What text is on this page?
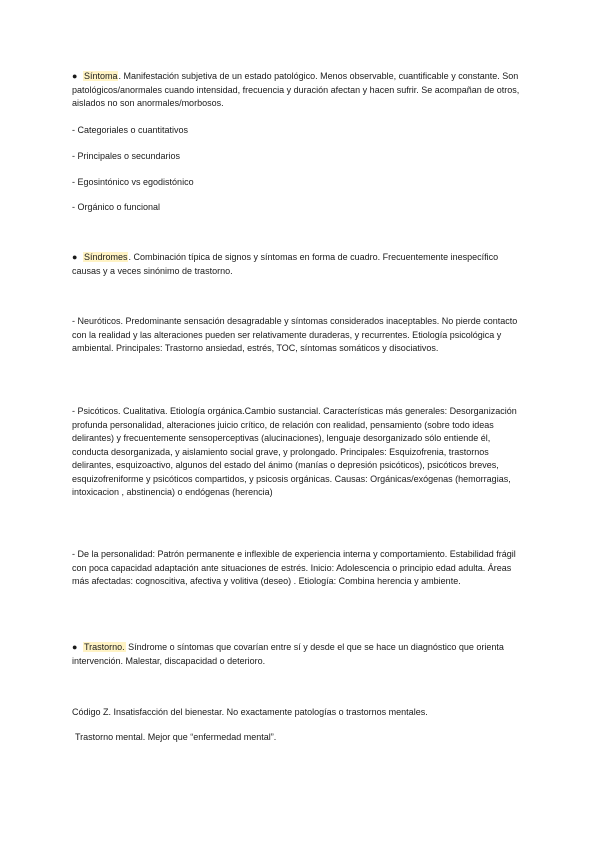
● Síntoma. Manifestación subjetiva de un estado patológico. Menos observable, cuantificable y constante. Son patológicos/anormales cuando intensidad, frecuencia y duración afectan y hacen sufrir. Se acompañan de otros, aislados no son anormales/morbosos.

- Categoriales o cuantitativos

- Principales o secundarios

- Egosintónico vs egodistónico

- Orgánico o funcional

● Síndromes. Combinación típica de signos y síntomas en forma de cuadro. Frecuentemente inespecífico causas y a veces sinónimo de trastorno.

- Neuróticos. Predominante sensación desagradable y síntomas considerados inaceptables. No pierde contacto con la realidad y las alteraciones pueden ser relativamente duraderas, y recurrentes. Etiología psicológica y ambiental. Principales: Trastorno ansiedad, estrés, TOC, síntomas somáticos y disociativos.

- Psicóticos. Cualitativa. Etiología orgánica.Cambio sustancial. Características más generales: Desorganización profunda personalidad, alteraciones juicio crítico, de relación con realidad, pensamiento (sobre todo ideas delirantes) y frecuentemente sensoperceptivas (alucinaciones), lenguaje desorganizado sólo entiende él, conducta desorganizada, y aislamiento social grave, y prolongado. Principales: Esquizofrenia, trastornos delirantes, esquizoactivo, algunos del estado del ánimo (manías o depresión psicóticos), psicóticos breves, esquizofreniforme y psicóticos compartidos, y psicosis orgánicas. Causas: Orgánicas/exógenas (hemorragias, intoxicacion , abstinencia) o endógenas (herencia)

- De la personalidad: Patrón permanente e inflexible de experiencia interna y comportamiento. Estabilidad frágil con poca capacidad adaptación ante situaciones de estrés. Inicio: Adolescencia o principio edad adulta. Áreas más afectadas: cognoscitiva, afectiva y volitiva (deseo) . Etiología: Combina herencia y ambiente.

● Trastorno. Síndrome o síntomas que covarían entre sí y desde el que se hace un diagnóstico que orienta intervención. Malestar, discapacidad o deterioro.

Código Z. Insatisfacción del bienestar. No exactamente patologías o trastornos mentales.

Trastorno mental. Mejor que “enfermedad mental”.
